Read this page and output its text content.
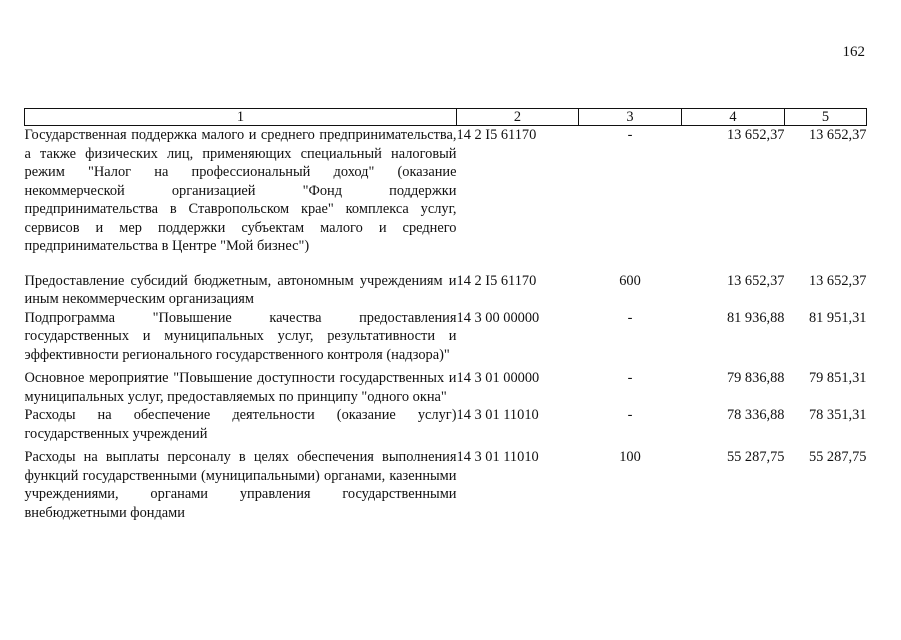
162
1	2	3	4	5
Государственная поддержка малого и среднего предпринимательства, а также физических лиц, применяющих специальный налоговый режим "Налог на профессиональный доход" (оказание некоммерческой организацией "Фонд поддержки предпринимательства в Ставропольском крае" комплекса услуг, сервисов и мер поддержки субъектам малого и среднего предпринимательства в Центре "Мой бизнес")	14 2 I5 61170	-	13 652,37	13 652,37
Предоставление субсидий бюджетным, автономным учреждениям и иным некоммерческим организациям	14 2 I5 61170	600	13 652,37	13 652,37
Подпрограмма "Повышение качества предоставления государственных и муниципальных услуг, результативности и эффективности регионального государственного контроля (надзора)"	14 3 00 00000	-	81 936,88	81 951,31
Основное мероприятие "Повышение доступности государственных и муниципальных услуг, предоставляемых по принципу "одного окна"	14 3 01 00000	-	79 836,88	79 851,31
Расходы на обеспечение деятельности (оказание услуг) государственных учреждений	14 3 01 11010	-	78 336,88	78 351,31
Расходы на выплаты персоналу в целях обеспечения выполнения функций государственными (муниципальными) органами, казенными учреждениями, органами управления государственными внебюджетными фондами	14 3 01 11010	100	55 287,75	55 287,75
